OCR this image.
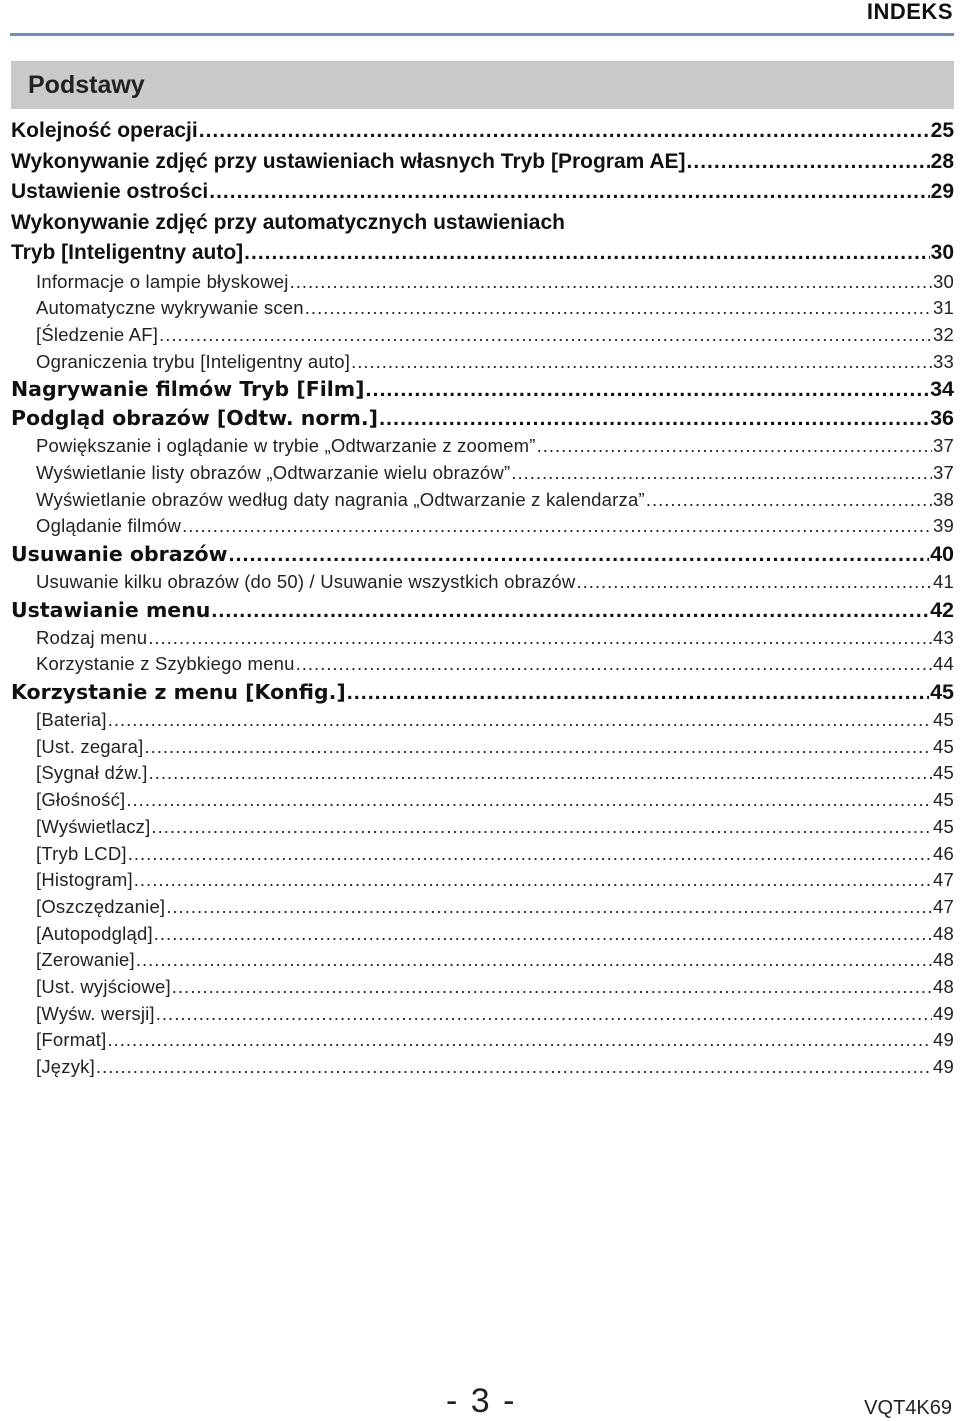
INDEKS
Podstawy
Kolejność operacji .....	25
Wykonywanie zdjęć przy ustawieniach własnych Tryb [Program AE] .....	28
Ustawienie ostrości .....	29
Wykonywanie zdjęć przy automatycznych ustawieniach
Tryb [Inteligentny auto] .....	30
Informacje o lampie błyskowej .....	30
Automatyczne wykrywanie scen .....	31
[Śledzenie AF] .....	32
Ograniczenia trybu [Inteligentny auto] .....	33
Nagrywanie filmów Tryb [Film] .....	34
Podgląd obrazów [Odtw. norm.] .....	36
Powiększanie i oglądanie w trybie „Odtwarzanie z zoomem” .....	37
Wyświetlanie listy obrazów „Odtwarzanie wielu obrazów” .....	37
Wyświetlanie obrazów według daty nagrania „Odtwarzanie z kalendarza” .....	38
Oglądanie filmów .....	39
Usuwanie obrazów .....	40
Usuwanie kilku obrazów (do 50) / Usuwanie wszystkich obrazów .....	41
Ustawianie menu .....	42
Rodzaj menu .....	43
Korzystanie z Szybkiego menu .....	44
Korzystanie z menu [Konfig.] .....	45
[Bateria] .....	45
[Ust. zegara] .....	45
[Sygnał dźw.] .....	45
[Głośność] .....	45
[Wyświetlacz] .....	45
[Tryb LCD] .....	46
[Histogram] .....	47
[Oszczędzanie] .....	47
[Autopodgląd] .....	48
[Zerowanie] .....	48
[Ust. wyjściowe] .....	48
[Wyśw. wersji] .....	49
[Format] .....	49
[Język] .....	49
- 3 -	VQT4K69
